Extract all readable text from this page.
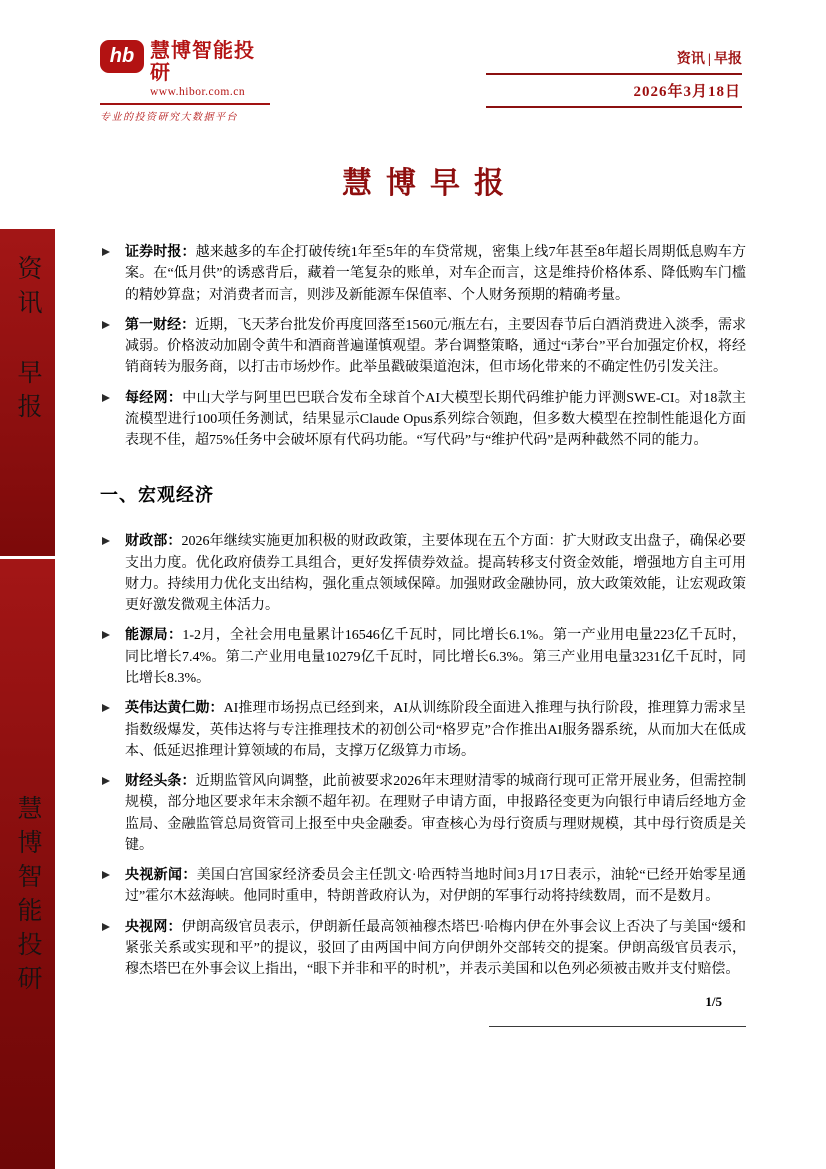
资讯 早报
慧博智能投研
hb 慧博智能投研
www.hibor.com.cn
专业的投资研究大数据平台
资讯 | 早报
2026年3月18日
慧博早报
证券时报：越来越多的车企打破传统1年至5年的车贷常规，密集上线7年甚至8年超长周期低息购车方案。在“低月供”的诱惑背后，藏着一笔复杂的账单，对车企而言，这是维持价格体系、降低购车门槛的精妙算盘；对消费者而言，则涉及新能源车保值率、个人财务预期的精确考量。
第一财经：近期，飞天茅台批发价再度回落至1560元/瓶左右，主要因春节后白酒消费进入淡季，需求减弱。价格波动加剧令黄牛和酒商普遍谨慎观望。茅台调整策略，通过“i茅台”平台加强定价权，将经销商转为服务商，以打击市场炒作。此举虽戳破渠道泡沫，但市场化带来的不确定性仍引发关注。
每经网：中山大学与阿里巴巴联合发布全球首个AI大模型长期代码维护能力评测SWE-CI。对18款主流模型进行100项任务测试，结果显示Claude Opus系列综合领跑，但多数大模型在控制性能退化方面表现不佳，超75%任务中会破坏原有代码功能。“写代码”与“维护代码”是两种截然不同的能力。
一、宏观经济
财政部：2026年继续实施更加积极的财政政策，主要体现在五个方面：扩大财政支出盘子，确保必要支出力度。优化政府债券工具组合，更好发挥债券效益。提高转移支付资金效能，增强地方自主可用财力。持续用力优化支出结构，强化重点领域保障。加强财政金融协同，放大政策效能，让宏观政策更好激发微观主体活力。
能源局：1-2月，全社会用电量累计16546亿千瓦时，同比增长6.1%。第一产业用电量223亿千瓦时，同比增长7.4%。第二产业用电量10279亿千瓦时，同比增长6.3%。第三产业用电量3231亿千瓦时，同比增长8.3%。
英伟达黄仁勋：AI推理市场拐点已经到来，AI从训练阶段全面进入推理与执行阶段，推理算力需求呈指数级爆发，英伟达将与专注推理技术的初创公司“格罗克”合作推出AI服务器系统，从而加大在低成本、低延迟推理计算领域的布局，支撑万亿级算力市场。
财经头条：近期监管风向调整，此前被要求2026年末理财清零的城商行现可正常开展业务，但需控制规模，部分地区要求年末余额不超年初。在理财子申请方面，申报路径变更为向银行申请后经地方金监局、金融监管总局资管司上报至中央金融委。审查核心为母行资质与理财规模，其中母行资质是关键。
央视新闻：美国白宫国家经济委员会主任凯文·哈西特当地时间3月17日表示，油轮“已经开始零星通过”霍尔木兹海峡。他同时重申，特朗普政府认为，对伊朗的军事行动将持续数周，而不是数月。
央视网：伊朗高级官员表示，伊朗新任最高领袖穆杰塔巴·哈梅内伊在外事会议上否决了与美国“缓和紧张关系或实现和平”的提议，驳回了由两国中间方向伊朗外交部转交的提案。伊朗高级官员表示，穆杰塔巴在外事会议上指出，“眼下并非和平的时机”，并表示美国和以色列必须被击败并支付赔偿。
1/5
